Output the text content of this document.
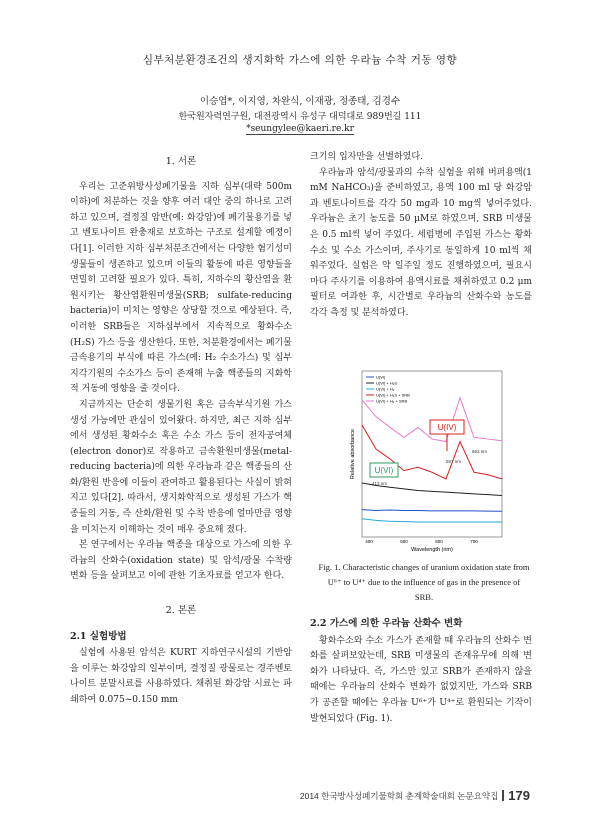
심부처분환경조건의 생지화학 가스에 의한 우라늄 수착 거동 영향
이승엽*, 이지영, 차완식, 이재광, 정종태, 김경수
한국원자력연구원, 대전광역시 유성구 대덕대로 989번길 111
*seungylee@kaeri.re.kr
1. 서론

우리는 고준위방사성폐기물을 지하 심부(대략 500m 이하)에 처분하는 것을 향후 여러 대안 중의 하나로 고려하고 있으며, 결정질 암반(예: 화강암)에 폐기물용기를 넣고 벤토나이트 완충재로 보호하는 구조로 설계할 예정이다[1]. 이러한 지하 심부처분조건에서는 다양한 혐기성미생물들이 생존하고 있으며 이들의 활동에 따른 영향들을 면밀히 고려할 필요가 있다. 특히, 지하수의 황산염을 환원시키는 황산염환원미생물(SRB; sulfate-reducing bacteria)이 미치는 영향은 상당할 것으로 예상된다. 즉, 이러한 SRB들은 지하심부에서 지속적으로 황화수소(H₂S) 가스 등을 생산한다. 또한, 처분환경에서는 폐기물 금속용기의 부식에 따른 가스(예: H₂ 수소가스) 및 심부지각기원의 수소가스 등이 존재해 누출 핵종들의 지화학적 거동에 영향을 줄 것이다.

지금까지는 단순히 생물기원 혹은 금속부식기원 가스 생성 가능에만 관심이 있어왔다. 하지만, 최근 지하 심부에서 생성된 황화수소 혹은 수소 가스 등이 전자공여체(electron donor)로 작용하고 금속환원미생물(metal-reducing bacteria)에 의한 우라늄과 같은 핵종들의 산화/환원 반응에 이들이 관여하고 활용된다는 사실이 밝혀지고 있다[2]. 따라서, 생지화학적으로 생성된 가스가 핵종들의 거동, 즉 산화/환원 및 수착 반응에 얼마만큼 영향을 미치는지 이해하는 것이 매우 중요해 졌다.

본 연구에서는 우라늄 핵종을 대상으로 가스에 의한 우라늄의 산화수(oxidation state) 및 암석/광물 수착량 변화 등을 살펴보고 이에 관한 기초자료를 얻고자 한다.

2. 본론
2.1 실험방법

실험에 사용된 암석은 KURT 지하연구시설의 기반암을 이루는 화강암의 일부이며, 결정질 광물로는 경주벤토나이트 분말시료를 사용하였다. 채취된 화강암 시료는 파쇄하여 0.075~0.150 mm

크기의 입자만을 선별하였다.

우라늄과 암석/광물과의 수착 실험을 위해 버퍼용액(1 mM NaHCO₃)을 준비하였고, 용액 100 ml 당 화강암과 벤토나이트를 각각 50 mg과 10 mg씩 넣어주었다. 우라늄은 초기 농도를 50 μM로 하였으며, SRB 미생물은 0.5 ml씩 넣어 주었다. 세럼병에 주입된 가스는 황화수소 및 수소 가스이며, 주사기로 동일하게 10 ml씩 채워주었다. 실험은 약 일주일 정도 진행하였으며, 필요시마다 주사기를 이용하여 용액시료를 채취하였고 0.2 μm 필터로 여과한 후, 시간별로 우라늄의 산화수와 농도를 각각 측정 및 분석하였다.

U(VI)
U(VI) + H₂S
U(VI) + H₂
U(VI) + H₂S + SRB
U(VI) + H₂ + SRB
U(IV)
U(VI)
557 nm
663 nm
413 nm
400	500	600	700
Wavelength (nm)
Relative absorbance
Fig. 1. Characteristic changes of uranium oxidation state from U⁶⁺ to U⁴⁺ due to the influence of gas in the presence of SRB.
2.2 가스에 의한 우라늄 산화수 변화

황화수소와 수소 가스가 존재할 때 우라늄의 산화수 변화를 살펴보았는데, SRB 미생물의 존재유무에 의해 변화가 나타났다. 즉, 가스만 있고 SRB가 존재하지 않을 때에는 우라늄의 산화수 변화가 없었지만, 가스와 SRB가 공존할 때에는 우라늄 U⁶⁺가 U⁴⁺로 환원되는 기작이 발현되었다 (Fig. 1).

2014 한국방사성폐기물학회 춘계학술대회 논문요약집 179
